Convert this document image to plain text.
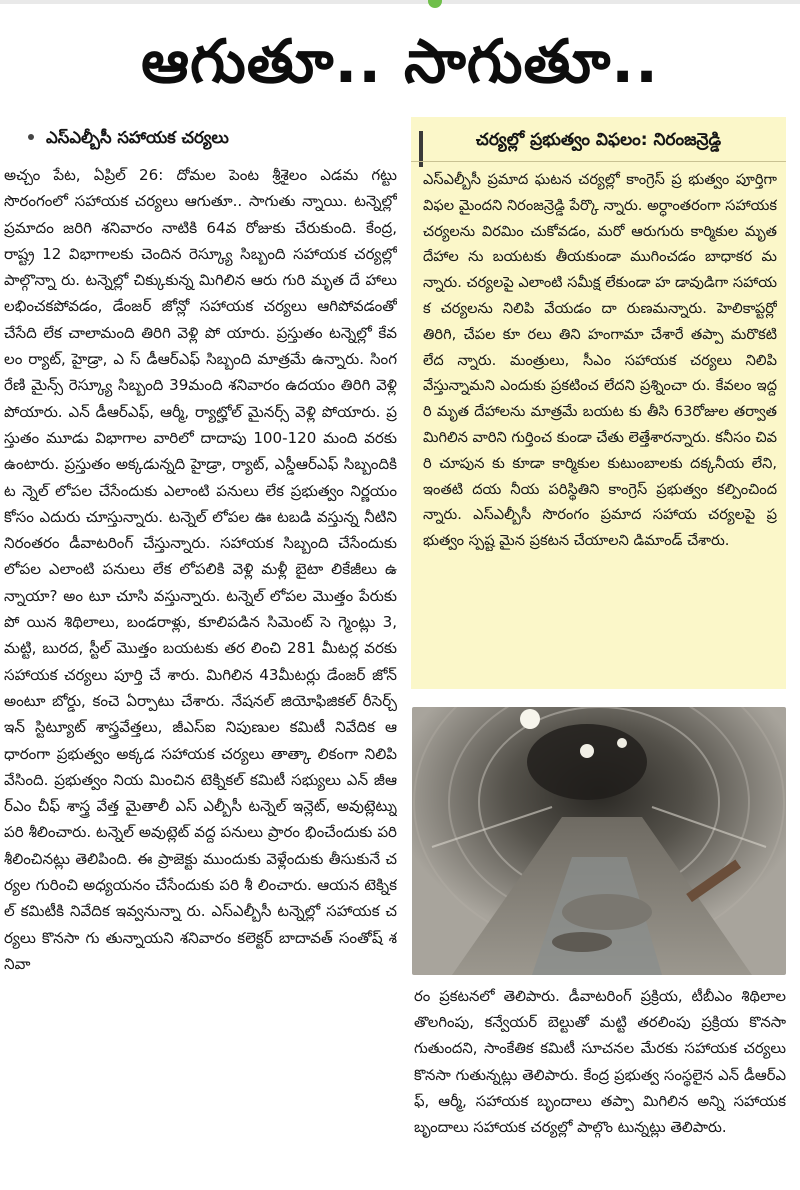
ఆగుతూ.. సాగుతూ..
ఎస్ఎల్బీసీ సహాయక చర్యలు
అచ్చం పేట, ఏప్రిల్ 26: దోమల పెంట శ్రీశైలం ఎడమ గట్టు సొరంగంలో సహాయక చర్యలు ఆగుతూ.. సాగుతు న్నాయి. టన్నెల్లో ప్రమాదం జరిగి శనివారం నాటికి 64వ రోజుకు చేరుకుంది. కేంద్ర, రాష్ట్ర 12 విభాగాలకు చెందిన రెస్క్యూ సిబ్బంది సహాయక చర్యల్లో పాల్గొన్నా రు. టన్నెల్లో చిక్కుకున్న మిగిలిన ఆరు గురి మృత దే హాలు లభించకపోవడం, డేంజర్ జోన్లో సహాయక చర్యలు ఆగిపోవడంతో చేసేది లేక చాలామంది తిరిగి వెళ్లి పో యారు. ప్రస్తుతం టన్నెల్లో కేవలం ర్యాట్, హైడ్రా, ఎ స్ డీఆర్ఎఫ్ సిబ్బంది మాత్రమే ఉన్నారు. సింగరేణి మైన్స్ రెస్క్యూ సిబ్బంది 39మంది శనివారం ఉదయం తిరిగి వెళ్లి పోయారు. ఎన్ డీఆర్ఎఫ్, ఆర్మీ, ర్యాట్హోల్ మైనర్స్ వెళ్లి పోయారు. ప్రస్తుతం మూడు విభాగాల వారిలో దాదాపు 100-120 మంది వరకు ఉంటారు. ప్రస్తుతం అక్కడున్నది హైడ్రా, ర్యాట్, ఎస్డీఆర్ఎఫ్ సిబ్బందికి ట న్నెల్ లోపల చేసేందుకు ఎలాంటి పనులు లేక ప్రభుత్వం నిర్ణయం కోసం ఎదురు చూస్తున్నారు. టన్నెల్ లోపల ఊ టబడి వస్తున్న నీటిని నిరంతరం డీవాటరింగ్ చేస్తున్నారు. సహాయక సిబ్బంది చేసేందుకు లోపల ఎలాంటి పనులు లేక లోపలికి వెళ్లి మళ్లీ బైటా లికేజీలు ఉన్నాయా? అం టూ చూసి వస్తున్నారు. టన్నెల్ లోపల మొత్తం పేరుకు పో యిన శిథిలాలు, బండరాళ్లు, కూలిపడిన సిమెంట్ సె గ్మెంట్లు 3, మట్టి, బురద, స్టీల్ మొత్తం బయటకు తర లించి 281 మీటర్ల వరకు సహాయక చర్యలు పూర్తి చే శారు. మిగిలిన 43మీటర్లు డేంజర్ జోన్ అంటూ బోర్డు, కంచె ఏర్పాటు చేశారు. నేషనల్ జియోఫిజికల్ రీసెర్చ్ ఇన్ స్టిట్యూట్ శాస్త్రవేత్తలు, జీఎస్ఐ నిపుణుల కమిటీ నివేదిక ఆధారంగా ప్రభుత్వం అక్కడ సహాయక చర్యలు తాత్కా లికంగా నిలిపి వేసింది. ప్రభుత్వం నియ మించిన టెక్నికల్ కమిటీ సభ్యులు ఎన్ జీఆర్ఎం చీఫ్ శాస్త్ర వేత్త మైతాలీ ఎస్ ఎల్బీసీ టన్నెల్ ఇన్లెట్, అవుట్లెట్ను పరి శీలించారు. టన్నెల్ అవుట్లెట్ వద్ద పనులు ప్రారం భించేందుకు పరి శీలించినట్లు తెలిపింది. ఈ ప్రాజెక్టు ముందుకు వెళ్లేందుకు తీసుకునే చర్యల గురించి అధ్యయనం చేసేందుకు పరి శీ లించారు. ఆయన టెక్నికల్ కమిటీకి నివేదిక ఇవ్వనున్నా రు. ఎస్ఎల్బీసీ టన్నెల్లో సహాయక చర్యలు కొనసా గు తున్నాయని శనివారం కలెక్టర్ బాదావత్ సంతోష్ శనివా
చర్యల్లో ప్రభుత్వం విఫలం: నిరంజన్రెడ్డి
ఎస్ఎల్బీసీ ప్రమాద ఘటన చర్యల్లో కాంగ్రెస్ ప్ర భుత్వం పూర్తిగా విఫల మైందని నిరంజన్రెడ్డి పేర్కొ న్నారు. అర్ధాంతరంగా సహాయక చర్యలను విరమిం చుకోవడం, మరో ఆరుగురు కార్మికుల మృతదేహాల ను బయటకు తీయకుండా ముగించడం బాధాకర మన్నారు. చర్యలపై ఎలాంటి సమీక్ష లేకుండా హ డావుడిగా సహాయక చర్యలను నిలిపి వేయడం దా రుణమన్నారు. హెలికాప్టర్లో తిరిగి, చేపల కూ రలు తిని హంగామా చేశారే తప్పా మరొకటి లేద న్నారు. మంత్రులు, సీఎం సహాయక చర్యలు నిలిపి వేస్తున్నామని ఎందుకు ప్రకటించ లేదని ప్రశ్నించా రు. కేవలం ఇద్దరి మృత దేహాలను మాత్రమే బయట కు తీసి 63రోజుల తర్వాత మిగిలిన వారిని గుర్తించ కుండా చేతు లెత్తేశారన్నారు. కనీసం చివరి చూపున కు కూడా కార్మికుల కుటుంబాలకు దక్కనీయ లేని, ఇంతటి దయ నీయ పరిస్థితిని కాంగ్రెస్ ప్రభుత్వం కల్పించిందన్నారు. ఎస్ఎల్బీసీ సొరంగం ప్రమాద సహాయ చర్యలపై ప్రభుత్వం స్పష్ట మైన ప్రకటన చేయాలని డిమాండ్ చేశారు.
రం ప్రకటనలో తెలిపారు. డీవాటరింగ్ ప్రక్రియ, టీబీఎం శిథిలాల తొలగింపు, కన్వేయర్ బెల్టుతో మట్టి తరలింపు ప్రక్రియ కొనసా గుతుందని, సాంకేతిక కమిటీ సూచనల మేరకు సహాయక చర్యలు కొనసా గుతున్నట్లు తెలిపారు. కేంద్ర ప్రభుత్వ సంస్థలైన ఎన్ డీఆర్ఎఫ్, ఆర్మీ, సహాయక బృందాలు తప్పా మిగిలిన అన్ని సహాయక బృందాలు సహాయక చర్యల్లో పాల్గొం టున్నట్లు తెలిపారు.
